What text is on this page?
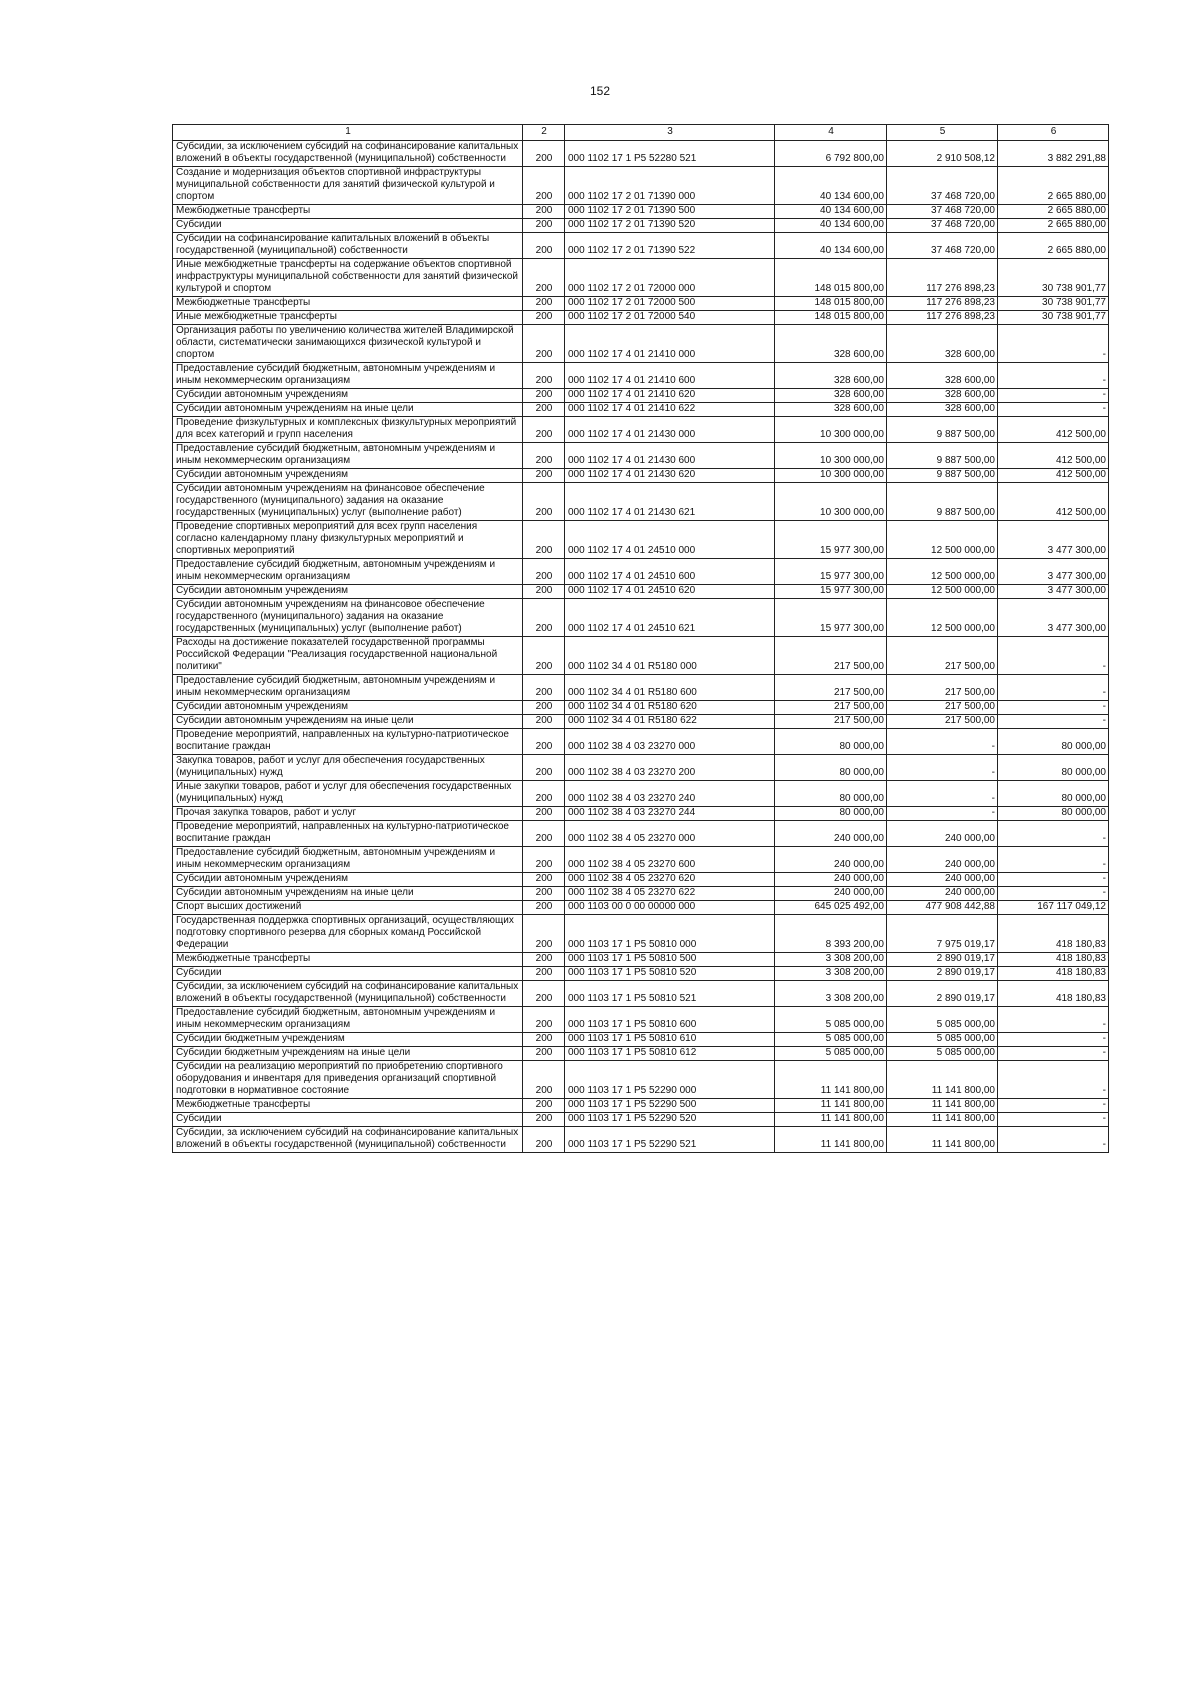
152
1	2	3	4	5	6
Субсидии, за исключением субсидий на софинансирование капитальных вложений в объекты государственной (муниципальной) собственности	200	000 1102 17 1 P5 52280 521	6 792 800,00	2 910 508,12	3 882 291,88
Создание и модернизация объектов спортивной инфраструктуры муниципальной собственности для занятий физической культурой и спортом	200	000 1102 17 2 01 71390 000	40 134 600,00	37 468 720,00	2 665 880,00
Межбюджетные трансферты	200	000 1102 17 2 01 71390 500	40 134 600,00	37 468 720,00	2 665 880,00
Субсидии	200	000 1102 17 2 01 71390 520	40 134 600,00	37 468 720,00	2 665 880,00
Субсидии на софинансирование капитальных вложений в объекты государственной (муниципальной) собственности	200	000 1102 17 2 01 71390 522	40 134 600,00	37 468 720,00	2 665 880,00
Иные межбюджетные трансферты на содержание объектов спортивной инфраструктуры муниципальной собственности для занятий физической культурой и спортом	200	000 1102 17 2 01 72000 000	148 015 800,00	117 276 898,23	30 738 901,77
Межбюджетные трансферты	200	000 1102 17 2 01 72000 500	148 015 800,00	117 276 898,23	30 738 901,77
Иные межбюджетные трансферты	200	000 1102 17 2 01 72000 540	148 015 800,00	117 276 898,23	30 738 901,77
Организация работы по увеличению количества жителей Владимирской области, систематически занимающихся физической культурой и спортом	200	000 1102 17 4 01 21410 000	328 600,00	328 600,00	-
Предоставление субсидий бюджетным, автономным учреждениям и иным некоммерческим организациям	200	000 1102 17 4 01 21410 600	328 600,00	328 600,00	-
Субсидии автономным учреждениям	200	000 1102 17 4 01 21410 620	328 600,00	328 600,00	-
Субсидии автономным учреждениям на иные цели	200	000 1102 17 4 01 21410 622	328 600,00	328 600,00	-
Проведение физкультурных и комплексных физкультурных мероприятий для всех категорий и групп населения	200	000 1102 17 4 01 21430 000	10 300 000,00	9 887 500,00	412 500,00
Предоставление субсидий бюджетным, автономным учреждениям и иным некоммерческим организациям	200	000 1102 17 4 01 21430 600	10 300 000,00	9 887 500,00	412 500,00
Субсидии автономным учреждениям	200	000 1102 17 4 01 21430 620	10 300 000,00	9 887 500,00	412 500,00
Субсидии автономным учреждениям на финансовое обеспечение государственного (муниципального) задания на оказание государственных (муниципальных) услуг (выполнение работ)	200	000 1102 17 4 01 21430 621	10 300 000,00	9 887 500,00	412 500,00
Проведение спортивных мероприятий для всех групп населения согласно календарному плану физкультурных мероприятий и спортивных мероприятий	200	000 1102 17 4 01 24510 000	15 977 300,00	12 500 000,00	3 477 300,00
Предоставление субсидий бюджетным, автономным учреждениям и иным некоммерческим организациям	200	000 1102 17 4 01 24510 600	15 977 300,00	12 500 000,00	3 477 300,00
Субсидии автономным учреждениям	200	000 1102 17 4 01 24510 620	15 977 300,00	12 500 000,00	3 477 300,00
Субсидии автономным учреждениям на финансовое обеспечение государственного (муниципального) задания на оказание государственных (муниципальных) услуг (выполнение работ)	200	000 1102 17 4 01 24510 621	15 977 300,00	12 500 000,00	3 477 300,00
Расходы на достижение показателей государственной программы Российской Федерации "Реализация государственной национальной политики"	200	000 1102 34 4 01 R5180 000	217 500,00	217 500,00	-
Предоставление субсидий бюджетным, автономным учреждениям и иным некоммерческим организациям	200	000 1102 34 4 01 R5180 600	217 500,00	217 500,00	-
Субсидии автономным учреждениям	200	000 1102 34 4 01 R5180 620	217 500,00	217 500,00	-
Субсидии автономным учреждениям на иные цели	200	000 1102 34 4 01 R5180 622	217 500,00	217 500,00	-
Проведение мероприятий, направленных на культурно-патриотическое воспитание граждан	200	000 1102 38 4 03 23270 000	80 000,00	-	80 000,00
Закупка товаров, работ и услуг для обеспечения государственных (муниципальных) нужд	200	000 1102 38 4 03 23270 200	80 000,00	-	80 000,00
Иные закупки товаров, работ и услуг для обеспечения государственных (муниципальных) нужд	200	000 1102 38 4 03 23270 240	80 000,00	-	80 000,00
Прочая закупка товаров, работ и услуг	200	000 1102 38 4 03 23270 244	80 000,00	-	80 000,00
Проведение мероприятий, направленных на культурно-патриотическое воспитание граждан	200	000 1102 38 4 05 23270 000	240 000,00	240 000,00	-
Предоставление субсидий бюджетным, автономным учреждениям и иным некоммерческим организациям	200	000 1102 38 4 05 23270 600	240 000,00	240 000,00	-
Субсидии автономным учреждениям	200	000 1102 38 4 05 23270 620	240 000,00	240 000,00	-
Субсидии автономным учреждениям на иные цели	200	000 1102 38 4 05 23270 622	240 000,00	240 000,00	-
Спорт высших достижений	200	000 1103 00 0 00 00000 000	645 025 492,00	477 908 442,88	167 117 049,12
Государственная поддержка спортивных организаций, осуществляющих подготовку спортивного резерва для сборных команд Российской Федерации	200	000 1103 17 1 P5 50810 000	8 393 200,00	7 975 019,17	418 180,83
Межбюджетные трансферты	200	000 1103 17 1 P5 50810 500	3 308 200,00	2 890 019,17	418 180,83
Субсидии	200	000 1103 17 1 P5 50810 520	3 308 200,00	2 890 019,17	418 180,83
Субсидии, за исключением субсидий на софинансирование капитальных вложений в объекты государственной (муниципальной) собственности	200	000 1103 17 1 P5 50810 521	3 308 200,00	2 890 019,17	418 180,83
Предоставление субсидий бюджетным, автономным учреждениям и иным некоммерческим организациям	200	000 1103 17 1 P5 50810 600	5 085 000,00	5 085 000,00	-
Субсидии бюджетным учреждениям	200	000 1103 17 1 P5 50810 610	5 085 000,00	5 085 000,00	-
Субсидии бюджетным учреждениям на иные цели	200	000 1103 17 1 P5 50810 612	5 085 000,00	5 085 000,00	-
Субсидии на реализацию мероприятий по приобретению спортивного оборудования и инвентаря для приведения организаций спортивной подготовки в нормативное состояние	200	000 1103 17 1 P5 52290 000	11 141 800,00	11 141 800,00	-
Межбюджетные трансферты	200	000 1103 17 1 P5 52290 500	11 141 800,00	11 141 800,00	-
Субсидии	200	000 1103 17 1 P5 52290 520	11 141 800,00	11 141 800,00	-
Субсидии, за исключением субсидий на софинансирование капитальных вложений в объекты государственной (муниципальной) собственности	200	000 1103 17 1 P5 52290 521	11 141 800,00	11 141 800,00	-
